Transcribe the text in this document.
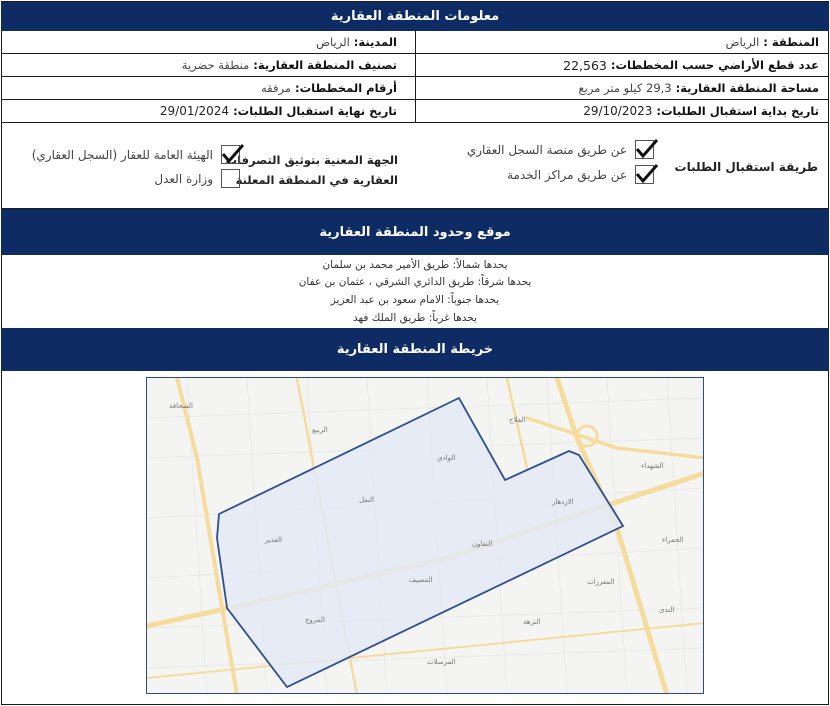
معلومات المنطقة العقارية
المنطقة :
الرياض
المدينة:
الرياض
عدد قطع الأراضي حسب المخططات:
22,563
تصنيف المنطقة العقارية:
منطقة حضرية
مساحة المنطقة العقارية:
29,3 كيلو متر مربع
أرقام المخططات:
مرفقه
تاريخ بداية استقبال الطلبات:
29/10/2023
تاريخ نهاية استقبال الطلبات:
29/01/2024
طريقة استقبال الطلبات
عن طريق منصة السجل العقاري
عن طريق مراكز الخدمة
الجهة المعنية بتوثيق التصرفات
العقارية في المنطقة المعلنة
الهيئة العامة للعقار (السجل العقاري)
وزارة العدل
موقع وحدود المنطقة العقارية
يحدها شمالاً: طريق الأمير محمد بن سلمان
يحدها شرقاً: طريق الدائري الشرقي ، عثمان بن عفان
يحدها جنوباً: الامام سعود بن عبد العزيز
يحدها غرباً: طريق الملك فهد
خريطة المنطقة العقارية
الصحافة
الربيع
الفلاح
الوادي
النفل
الشهداء
الازدهار
الغدير	التعاون
المصيف
المروج
المغرزات
النزهة
المرسلات
الحمراء
الندى
